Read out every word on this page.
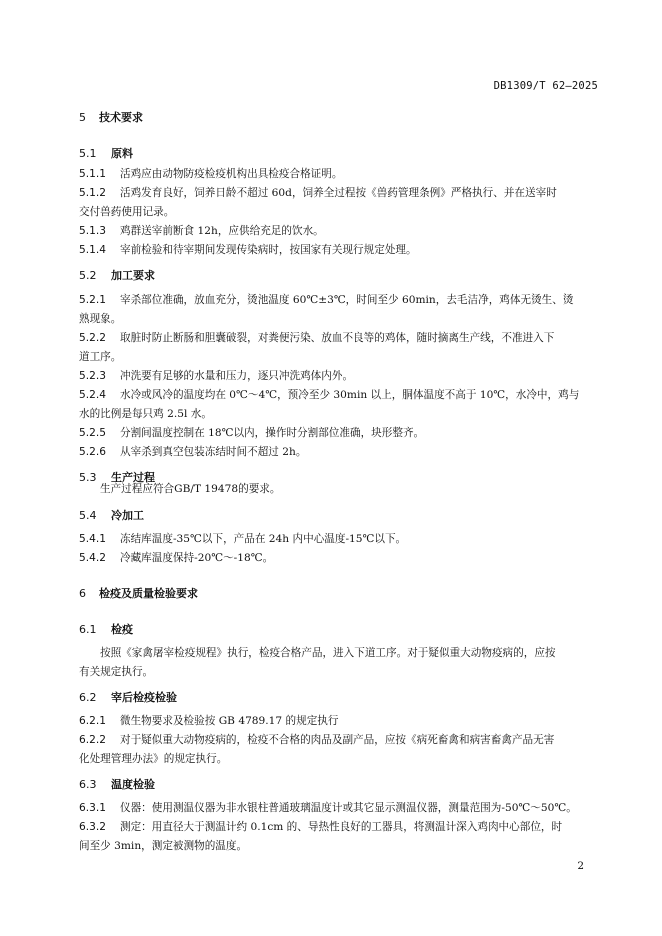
DB1309/T 62—2025
5 技术要求
5.1 原料
5.1.1 活鸡应由动物防疫检疫机构出具检疫合格证明。
5.1.2 活鸡发育良好，饲养日龄不超过 60d，饲养全过程按《兽药管理条例》严格执行、并在送宰时
交付兽药使用记录。
5.1.3 鸡群送宰前断食 12h，应供给充足的饮水。
5.1.4 宰前检验和待宰期间发现传染病时，按国家有关现行规定处理。
5.2 加工要求
5.2.1 宰杀部位准确，放血充分，烫池温度 60℃±3℃，时间至少 60min，去毛洁净，鸡体无烫生、烫
熟现象。
5.2.2 取脏时防止断肠和胆囊破裂，对粪便污染、放血不良等的鸡体，随时摘离生产线，不准进入下
道工序。
5.2.3 冲洗要有足够的水量和压力，逐只冲洗鸡体内外。
5.2.4 水冷或风冷的温度均在 0℃～4℃，预冷至少 30min 以上，胴体温度不高于 10℃，水冷中，鸡与
水的比例是每只鸡 2.5l 水。
5.2.5 分割间温度控制在 18℃以内，操作时分割部位准确，块形整齐。
5.2.6 从宰杀到真空包装冻结时间不超过 2h。
5.3 生产过程
生产过程应符合GB/T 19478的要求。
5.4 冷加工
5.4.1 冻结库温度-35℃以下，产品在 24h 内中心温度-15℃以下。
5.4.2 冷藏库温度保持-20℃～-18℃。
6 检疫及质量检验要求
6.1 检疫
按照《家禽屠宰检疫规程》执行，检疫合格产品，进入下道工序。对于疑似重大动物疫病的，应按
有关规定执行。
6.2 宰后检疫检验
6.2.1 微生物要求及检验按 GB 4789.17 的规定执行
6.2.2 对于疑似重大动物疫病的，检疫不合格的肉品及副产品，应按《病死畜禽和病害畜禽产品无害
化处理管理办法》的规定执行。
6.3 温度检验
6.3.1 仪器：使用测温仪器为非水银柱普通玻璃温度计或其它显示测温仪器，测量范围为-50℃～50℃。
6.3.2 测定：用直径大于测温计约 0.1cm 的、导热性良好的工器具，将测温计深入鸡肉中心部位，时
间至少 3min，测定被测物的温度。
2
